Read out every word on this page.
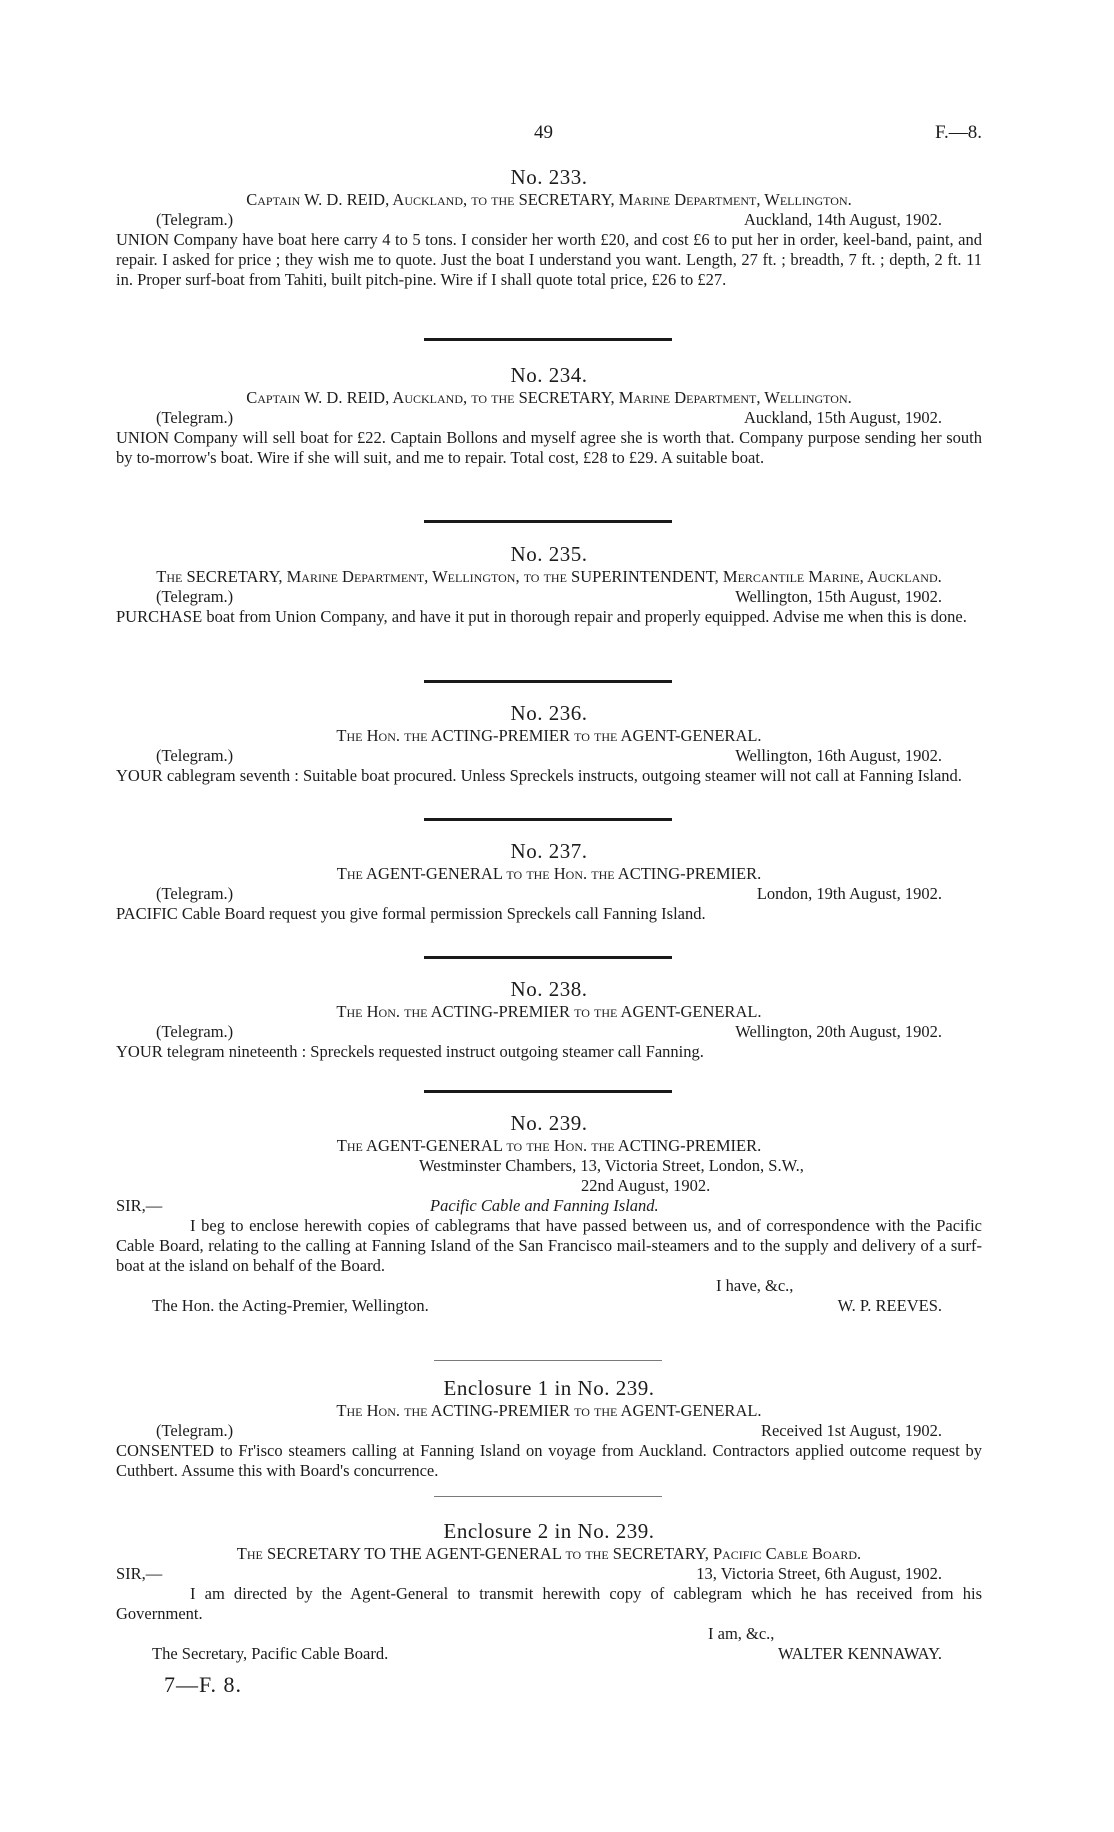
49	F.—8.
No. 233.
Captain W. D. REID, Auckland, to the SECRETARY, Marine Department, Wellington.
(Telegram.)	Auckland, 14th August, 1902.
UNION Company have boat here carry 4 to 5 tons. I consider her worth £20, and cost £6 to put her in order, keel-band, paint, and repair. I asked for price ; they wish me to quote. Just the boat I understand you want. Length, 27 ft. ; breadth, 7 ft. ; depth, 2 ft. 11 in. Proper surf-boat from Tahiti, built pitch-pine. Wire if I shall quote total price, £26 to £27.
No. 234.
Captain W. D. REID, Auckland, to the SECRETARY, Marine Department, Wellington.
(Telegram.)	Auckland, 15th August, 1902.
UNION Company will sell boat for £22. Captain Bollons and myself agree she is worth that. Company purpose sending her south by to-morrow's boat. Wire if she will suit, and me to repair. Total cost, £28 to £29. A suitable boat.
No. 235.
The SECRETARY, Marine Department, Wellington, to the SUPERINTENDENT, Mercantile Marine, Auckland.
(Telegram.)	Wellington, 15th August, 1902.
PURCHASE boat from Union Company, and have it put in thorough repair and properly equipped. Advise me when this is done.
No. 236.
The Hon. the ACTING-PREMIER to the AGENT-GENERAL.
(Telegram.)	Wellington, 16th August, 1902.
YOUR cablegram seventh : Suitable boat procured. Unless Spreckels instructs, outgoing steamer will not call at Fanning Island.
No. 237.
The AGENT-GENERAL to the Hon. the ACTING-PREMIER.
(Telegram.)	London, 19th August, 1902.
PACIFIC Cable Board request you give formal permission Spreckels call Fanning Island.
No. 238.
The Hon. the ACTING-PREMIER to the AGENT-GENERAL.
(Telegram.)	Wellington, 20th August, 1902.
YOUR telegram nineteenth : Spreckels requested instruct outgoing steamer call Fanning.
No. 239.
The AGENT-GENERAL to the Hon. the ACTING-PREMIER.
Westminster Chambers, 13, Victoria Street, London, S.W.,
22nd August, 1902.
SIR,—	Pacific Cable and Fanning Island.
I beg to enclose herewith copies of cablegrams that have passed between us, and of correspondence with the Pacific Cable Board, relating to the calling at Fanning Island of the San Francisco mail-steamers and to the supply and delivery of a surf-boat at the island on behalf of the Board.
I have, &c.,
The Hon. the Acting-Premier, Wellington.	W. P. REEVES.
Enclosure 1 in No. 239.
The Hon. the ACTING-PREMIER to the AGENT-GENERAL.
(Telegram.)	Received 1st August, 1902.
CONSENTED to Fr'isco steamers calling at Fanning Island on voyage from Auckland. Contractors applied outcome request by Cuthbert. Assume this with Board's concurrence.
Enclosure 2 in No. 239.
The SECRETARY TO THE AGENT-GENERAL to the SECRETARY, Pacific Cable Board.
SIR,—	13, Victoria Street, 6th August, 1902.
I am directed by the Agent-General to transmit herewith copy of cablegram which he has received from his Government.
I am, &c.,
The Secretary, Pacific Cable Board.	WALTER KENNAWAY.
7—F. 8.
